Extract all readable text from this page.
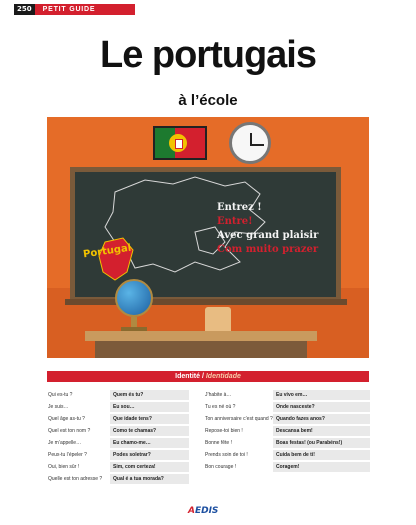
250	PETIT GUIDE
Le portugais
à l’école
Portugal
Entrez !
Entre!
Avec grand plaisir
Com muito prazer
Identité / Identidade
Qui es-tu ?	Quem és tu?
Je suis…	Eu sou…
Quel âge as-tu ?	Que idade tens?
Quel est ton nom ?	Como te chamas?
Je m’appelle…	Eu chamo-me…
Peux-tu l’épeler ?	Podes soletrar?
Oui, bien sûr !	Sim, com certeza!
Quelle est ton adresse ?	Qual é a tua morada?
J’habite à…	Eu vivo em…
Tu es né où ?	Onde nasceste?
Ton anniversaire c’est quand ? Quando fazes anos?
Repose-toi bien !	Descansa bem!
Bonne fête !	Boas festas! (ou Parabéns!)
Prends soin de toi !	Cuida bem de ti!
Bon courage !	Coragem!
AEDIS
